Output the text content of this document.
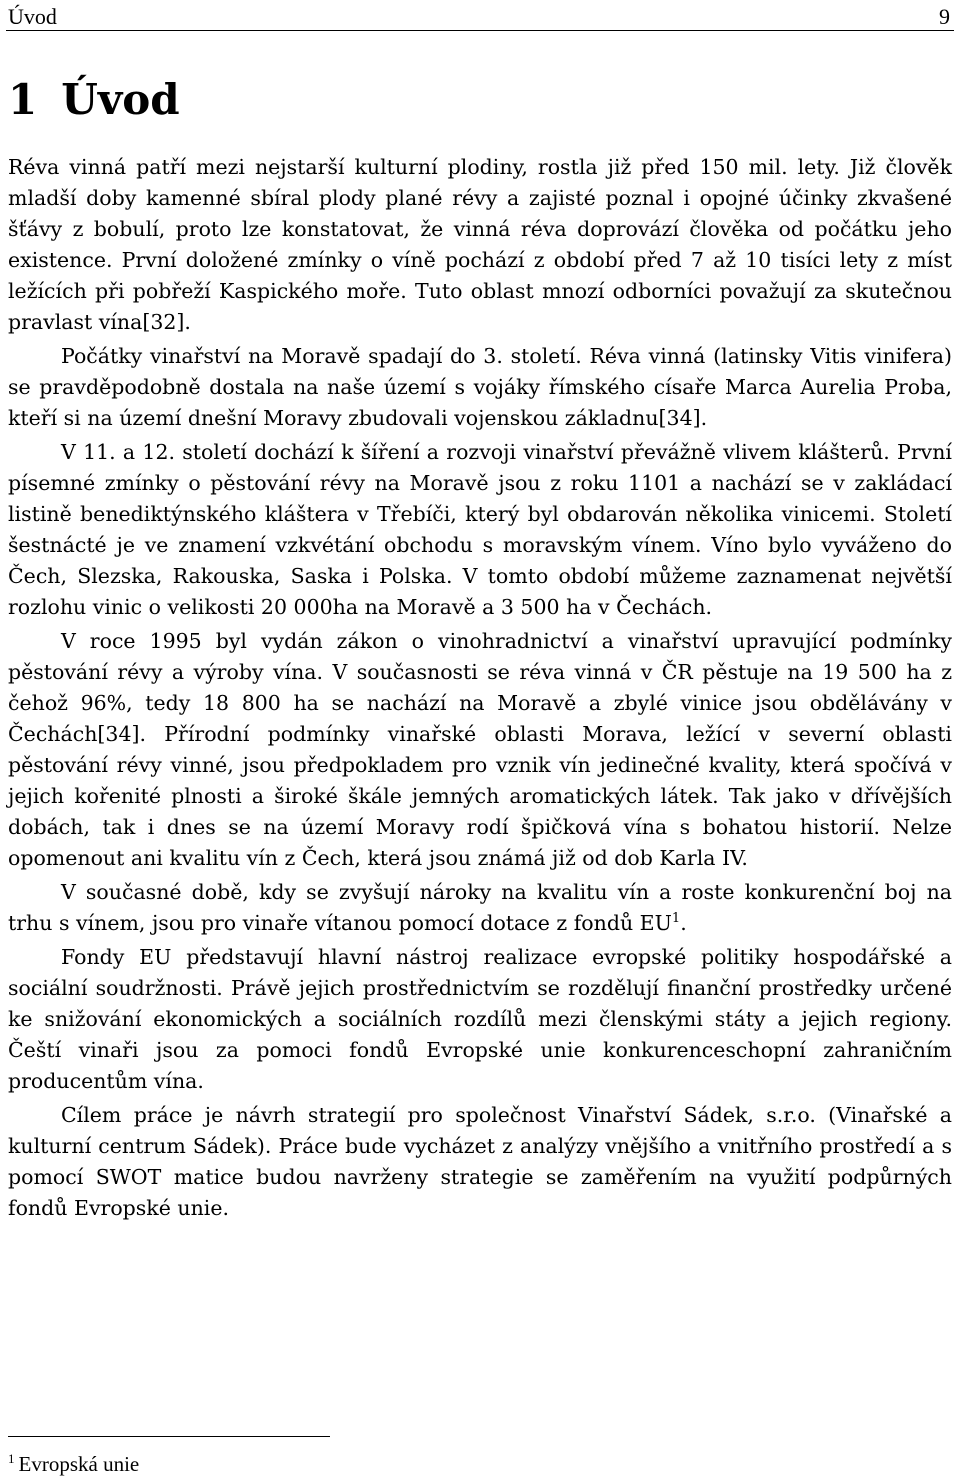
Úvod	9
1 Úvod

Réva vinná patří mezi nejstarší kulturní plodiny, rostla již před 150 mil. lety. Již člověk mladší doby kamenné sbíral plody plané révy a zajisté poznal i opojné účinky zkvašené šťávy z bobulí, proto lze konstatovat, že vinná réva doprovází člověka od počátku jeho existence. První doložené zmínky o víně pochází z období před 7 až 10 tisíci lety z míst ležících při pobřeží Kaspického moře. Tuto oblast mnozí odborníci považují za skutečnou pravlast vína[32].

Počátky vinařství na Moravě spadají do 3. století. Réva vinná (latinsky Vitis vinifera) se pravděpodobně dostala na naše území s vojáky římského císaře Marca Aurelia Proba, kteří si na území dnešní Moravy zbudovali vojenskou základnu[34].

V 11. a 12. století dochází k šíření a rozvoji vinařství převážně vlivem klášterů. První písemné zmínky o pěstování révy na Moravě jsou z roku 1101 a nachází se v zakládací listině benediktýnského kláštera v Třebíči, který byl obdarován několika vinicemi. Století šestnácté je ve znamení vzkvétání obchodu s moravským vínem. Víno bylo vyváženo do Čech, Slezska, Rakouska, Saska i Polska. V tomto období můžeme zaznamenat největší rozlohu vinic o velikosti 20 000ha na Moravě a 3 500 ha v Čechách.

V roce 1995 byl vydán zákon o vinohradnictví a vinařství upravující podmínky pěstování révy a výroby vína. V současnosti se réva vinná v ČR pěstuje na 19 500 ha z čehož 96%, tedy 18 800 ha se nachází na Moravě a zbylé vinice jsou obdělávány v Čechách[34]. Přírodní podmínky vinařské oblasti Morava, ležící v severní oblasti pěstování révy vinné, jsou předpokladem pro vznik vín jedinečné kvality, která spočívá v jejich kořenité plnosti a široké škále jemných aromatických látek. Tak jako v dřívějších dobách, tak i dnes se na území Moravy rodí špičková vína s bohatou historií. Nelze opomenout ani kvalitu vín z Čech, která jsou známá již od dob Karla IV.

V současné době, kdy se zvyšují nároky na kvalitu vín a roste konkurenční boj na trhu s vínem, jsou pro vinaře vítanou pomocí dotace z fondů $EU^1$.

Fondy EU představují hlavní nástroj realizace evropské politiky hospodářské a sociální soudržnosti. Právě jejich prostřednictvím se rozdělují finanční prostředky určené ke snižování ekonomických a sociálních rozdílů mezi členskými státy a jejich regiony. Čeští vinaři jsou za pomoci fondů Evropské unie konkurenceschopní zahraničním producentům vína.

Cílem práce je návrh strategií pro společnost Vinařství Sádek, s.r.o. (Vinařské a kulturní centrum Sádek). Práce bude vycházet z analýzy vnějšího a vnitřního prostředí a s pomocí SWOT matice budou navrženy strategie se zaměřením na využití podpůrných fondů Evropské unie.

$^1$ Evropská unie
